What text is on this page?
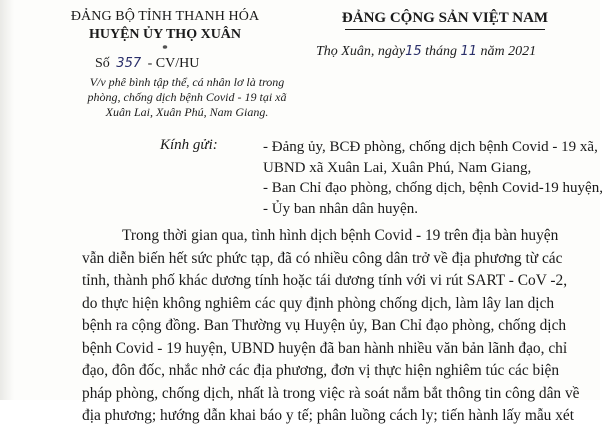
ĐẢNG BỘ TỈNH THANH HÓA
HUYỆN ỦY THỌ XUÂN
*
ĐẢNG CỘNG SẢN VIỆT NAM
Số 357 - CV/HU
Thọ Xuân, ngày15 tháng 11 năm 2021
V/v phê bình tập thể, cá nhân lơ là trong
phòng, chống dịch bệnh Covid - 19 tại xã
Xuân Lai, Xuân Phú, Nam Giang.
Kính gửi:	- Đảng ủy, BCĐ phòng, chống dịch bệnh Covid - 19 xã,
UBND xã Xuân Lai, Xuân Phú, Nam Giang,
- Ban Chỉ đạo phòng, chống dịch, bệnh Covid-19 huyện,
- Ủy ban nhân dân huyện.
Trong thời gian qua, tình hình dịch bệnh Covid - 19 trên địa bàn huyện
vẫn diễn biến hết sức phức tạp, đã có nhiều công dân trở về địa phương từ các
tỉnh, thành phố khác dương tính hoặc tái dương tính với vi rút SART - CoV -2,
do thực hiện không nghiêm các quy định phòng chống dịch, làm lây lan dịch
bệnh ra cộng đồng. Ban Thường vụ Huyện ủy, Ban Chỉ đạo phòng, chống dịch
bệnh Covid - 19 huyện, UBND huyện đã ban hành nhiều văn bản lãnh đạo, chỉ
đạo, đôn đốc, nhắc nhở các địa phương, đơn vị thực hiện nghiêm túc các biện
pháp phòng, chống dịch, nhất là trong việc rà soát nắm bắt thông tin công dân về
địa phương; hướng dẫn khai báo y tế; phân luồng cách ly; tiến hành lấy mẫu xét
